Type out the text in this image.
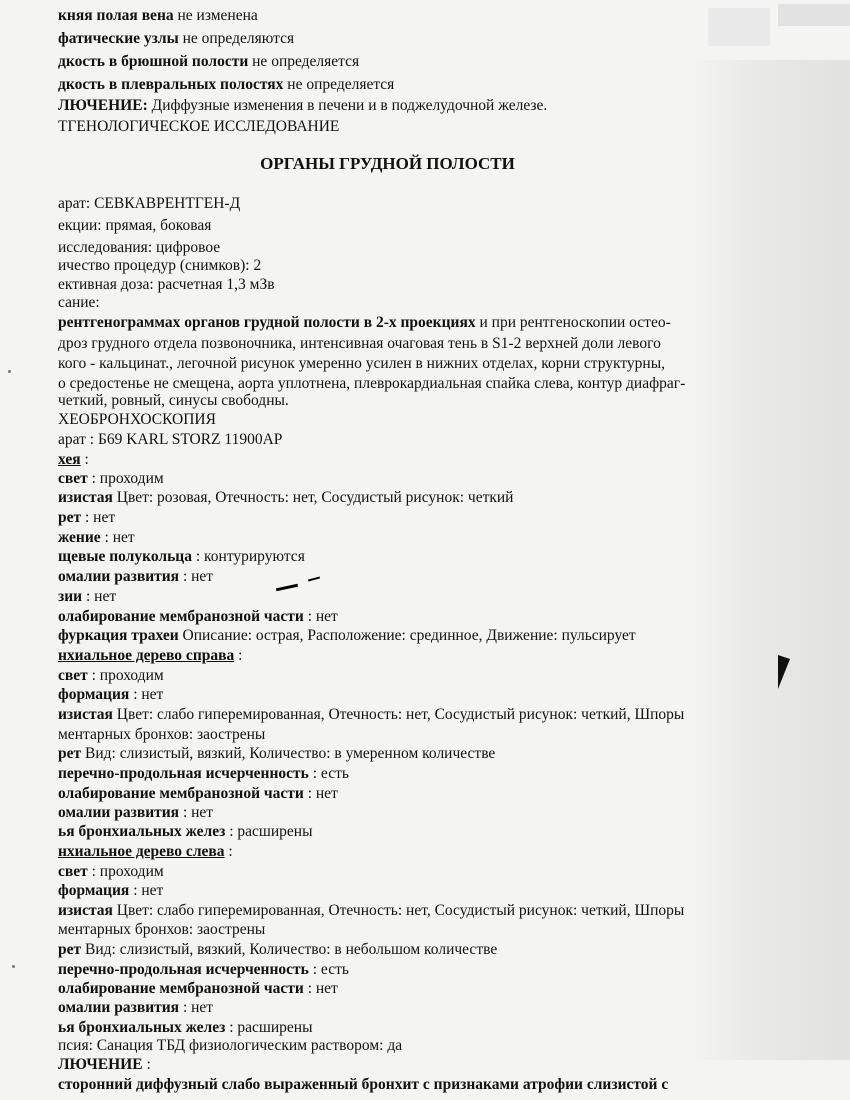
княя полая вена не изменена
фатические узлы не определяются
дкость в брюшной полости не определяется
дкость в плевральных полостях не определяется
ЛЮЧЕНИЕ: Диффузные изменения в печени и в поджелудочной железе.
ТГЕНОЛОГИЧЕСКОЕ ИССЛЕДОВАНИЕ
ОРГАНЫ ГРУДНОЙ ПОЛОСТИ
арат: СЕВКАВРЕНТГЕН-Д
екции: прямая, боковая
исследования: цифровое
ичество процедур (снимков): 2
ективная доза: расчетная 1,3 мЗв
сание:
рентгенограммах органов грудной полости в 2-х проекциях и при рентгеноскопии остео-
дроз грудного отдела позвоночника, интенсивная очаговая тень в S1-2 верхней доли левого
кого - кальцинат., легочной рисунок умеренно усилен в нижних отделах, корни структурны,
о средостенье не смещена, аорта уплотнена, плеврокардиальная спайка слева, контур диафраг-
четкий, ровный, синусы свободны.
ХЕОБРОНХОСКОПИЯ
арат : Б69 KARL STORZ 11900AP
хея :
свет : проходим
изистая Цвет: розовая, Отечность: нет, Сосудистый рисунок: четкий
рет : нет
жение : нет
щевые полукольца : контурируются
омалии развития : нет
зии : нет
олабирование мембранозной части : нет
фуркация трахеи Описание: острая, Расположение: срединное, Движение: пульсирует
нхиальное дерево справа :
свет : проходим
формация : нет
изистая Цвет: слабо гиперемированная, Отечность: нет, Сосудистый рисунок: четкий, Шпоры
ментарных бронхов: заострены
рет Вид: слизистый, вязкий, Количество: в умеренном количестве
перечно-продольная исчерченность : есть
олабирование мембранозной части : нет
омалии развития : нет
ья бронхиальных желез : расширены
нхиальное дерево слева :
свет : проходим
формация : нет
изистая Цвет: слабо гиперемированная, Отечность: нет, Сосудистый рисунок: четкий, Шпоры
ментарных бронхов: заострены
рет Вид: слизистый, вязкий, Количество: в небольшом количестве
перечно-продольная исчерченность : есть
олабирование мембранозной части : нет
омалии развития : нет
ья бронхиальных желез : расширены
псия: Санация ТБД физиологическим раствором: да
ЛЮЧЕНИЕ :
сторонний диффузный слабо выраженный бронхит с признаками атрофии слизистой с
